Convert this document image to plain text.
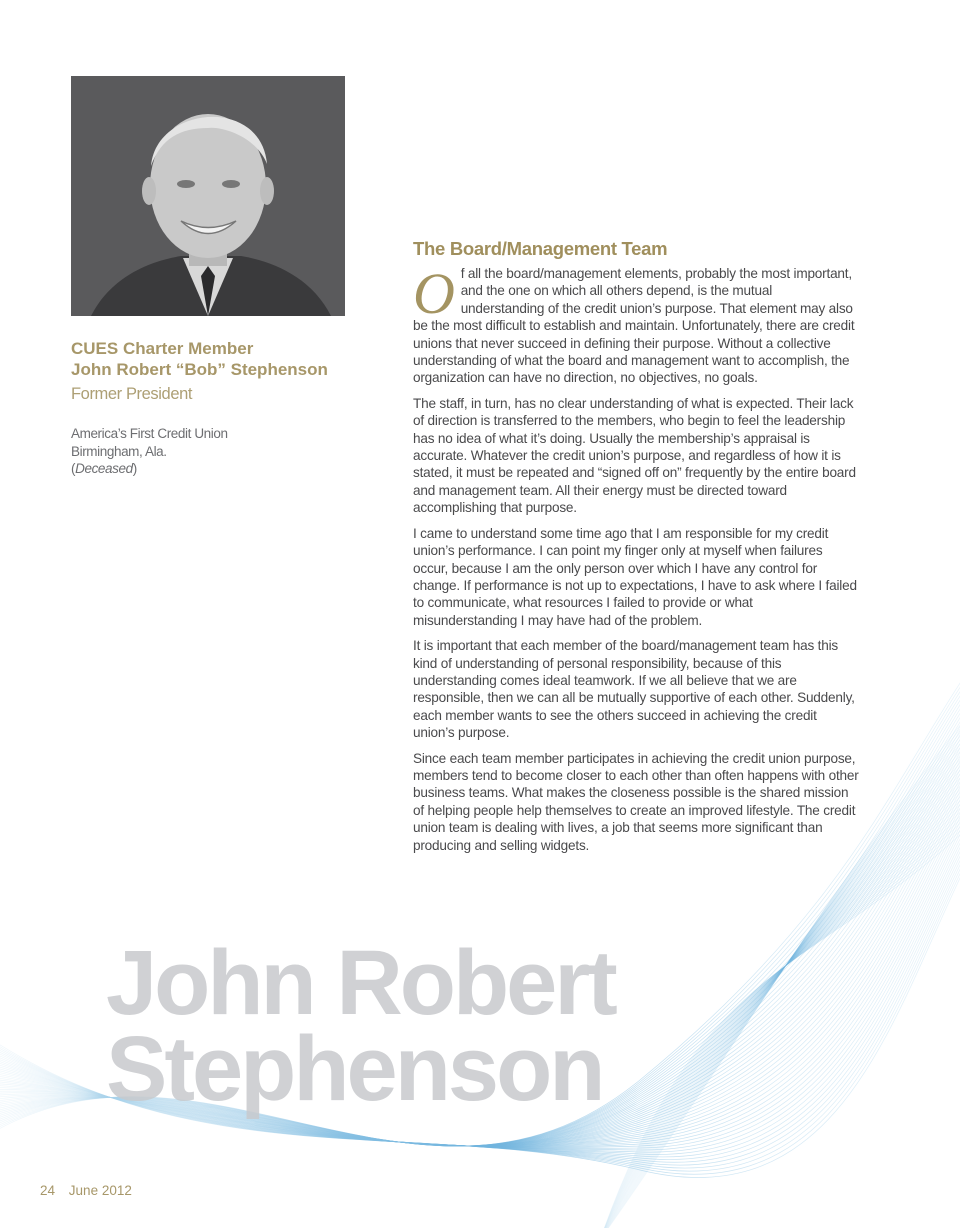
CUES Charter Member
John Robert “Bob” Stephenson
Former President
America’s First Credit Union
Birmingham, Ala.
(Deceased)
The Board/Management Team

Of all the board/management elements, probably the most important, and the one on which all others depend, is the mutual understanding of the credit union’s purpose. That element may also be the most difficult to establish and maintain. Unfortunately, there are credit unions that never succeed in defining their purpose. Without a collective understanding of what the board and management want to accomplish, the organization can have no direction, no objectives, no goals.

The staff, in turn, has no clear understanding of what is expected. Their lack of direction is transferred to the members, who begin to feel the leadership has no idea of what it’s doing. Usually the membership’s appraisal is accurate. Whatever the credit union’s purpose, and regardless of how it is stated, it must be repeated and “signed off on” frequently by the entire board and management team. All their energy must be directed toward accomplishing that purpose.

I came to understand some time ago that I am responsible for my credit union’s performance. I can point my finger only at myself when failures occur, because I am the only person over which I have any control for change. If performance is not up to expectations, I have to ask where I failed to communicate, what resources I failed to provide or what misunderstanding I may have had of the problem.

It is important that each member of the board/management team has this kind of understanding of personal responsibility, because of this understanding comes ideal teamwork. If we all believe that we are responsible, then we can all be mutually supportive of each other. Suddenly, each member wants to see the others succeed in achieving the credit union’s purpose.

Since each team member participates in achieving the credit union purpose, members tend to become closer to each other than often happens with other business teams. What makes the closeness possible is the shared mission of helping people help themselves to create an improved lifestyle. The credit union team is dealing with lives, a job that seems more significant than producing and selling widgets.

John Robert
Stephenson
24 June 2012
